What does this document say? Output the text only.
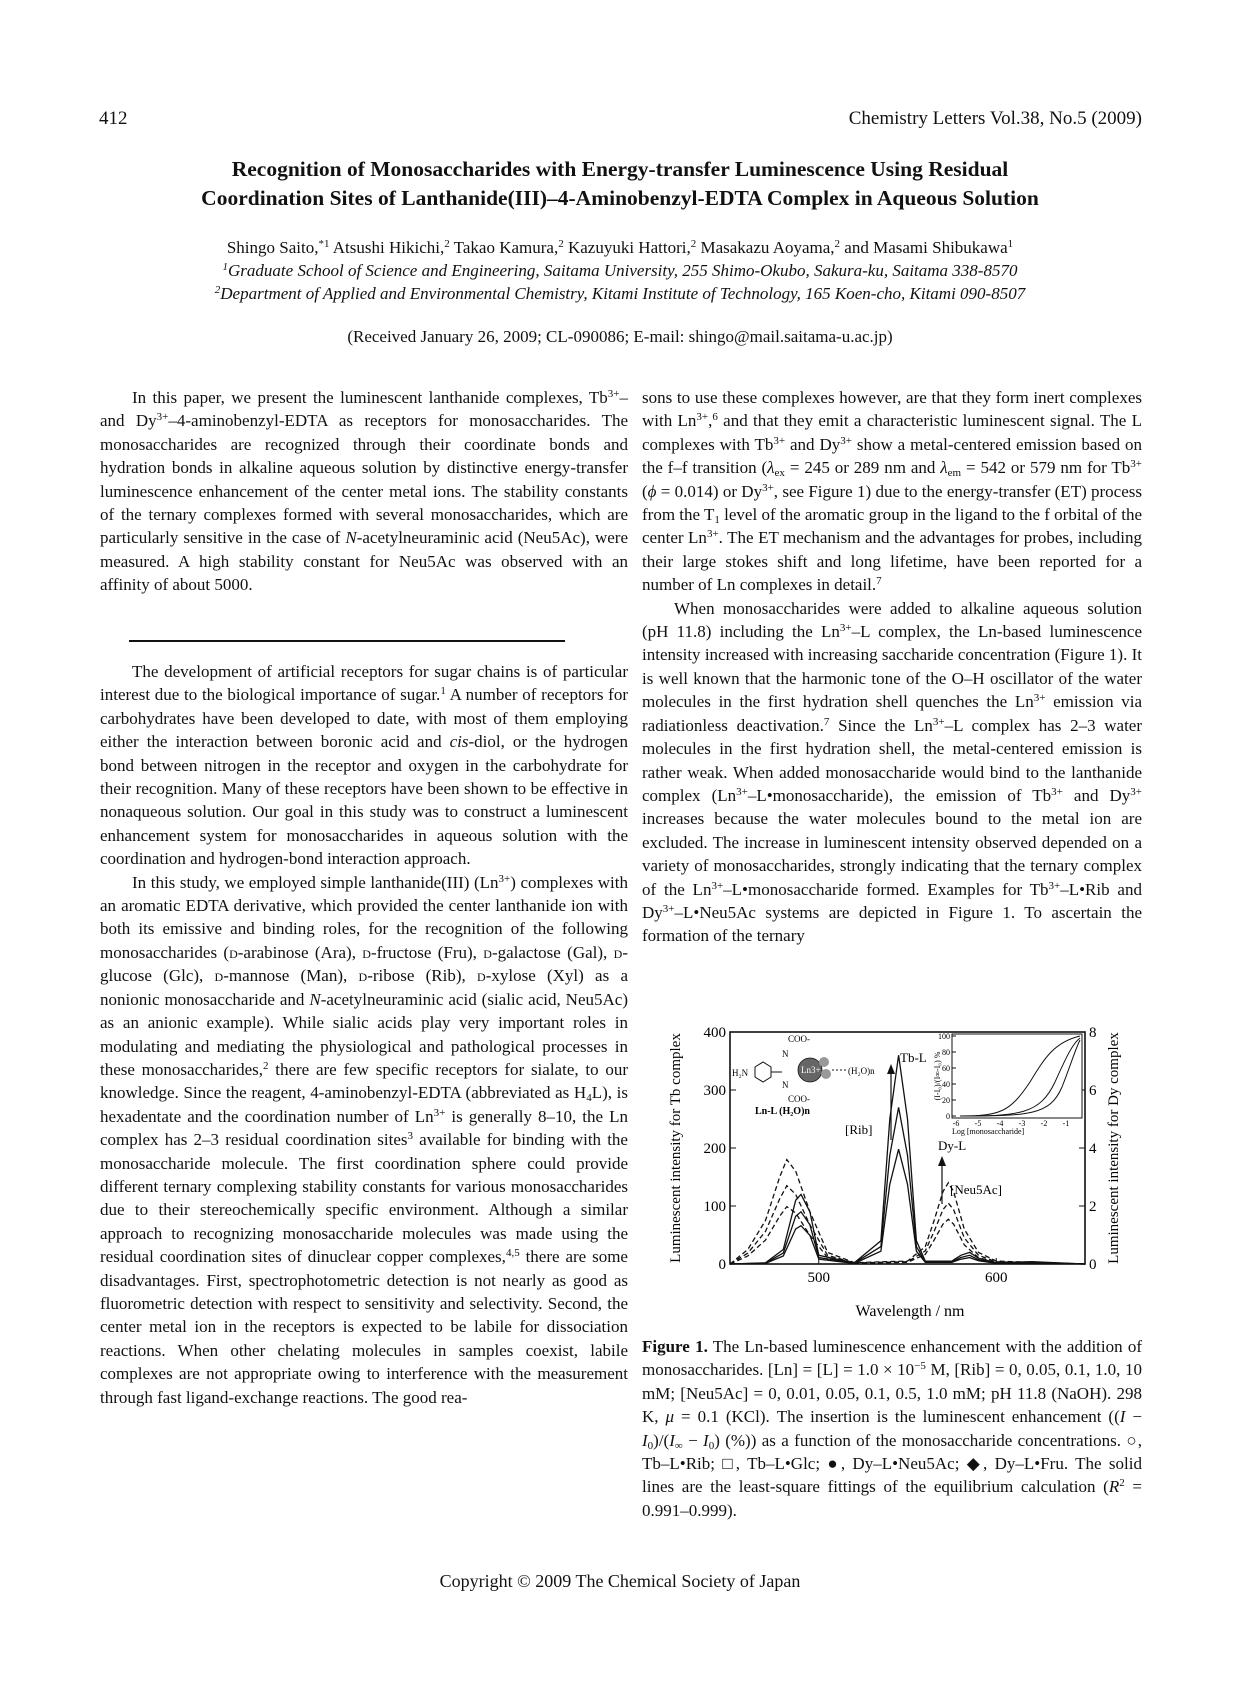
412	Chemistry Letters Vol.38, No.5 (2009)
Recognition of Monosaccharides with Energy-transfer Luminescence Using Residual
Coordination Sites of Lanthanide(III)–4-Aminobenzyl-EDTA Complex in Aqueous Solution
Shingo Saito,$^{*1}$ Atsushi Hikichi,$^2$ Takao Kamura,$^2$ Kazuyuki Hattori,$^2$ Masakazu Aoyama,$^2$ and Masami Shibukawa$^1$
$^1$Graduate School of Science and Engineering, Saitama University, 255 Shimo-Okubo, Sakura-ku, Saitama 338-8570
$^2$Department of Applied and Environmental Chemistry, Kitami Institute of Technology, 165 Koen-cho, Kitami 090-8507
(Received January 26, 2009; CL-090086; E-mail: shingo@mail.saitama-u.ac.jp)

In this paper, we present the luminescent lanthanide complexes, $Tb^{3+}-$ and $Dy^{3+}-4-aminobenzyl$-EDTA as receptors for monosaccharides. The monosaccharides are recognized through their coordinate bonds and hydration bonds in alkaline aqueous solution by distinctive energy-transfer luminescence enhancement of the center metal ions. The stability constants of the ternary complexes formed with several monosaccharides, which are particularly sensitive in the case of N-acetylneuraminic acid (Neu5Ac), were measured. A high stability constant for Neu5Ac was observed with an affinity of about 5000.

The development of artificial receptors for sugar chains is of particular interest due to the biological importance of sugar.$^1$ A number of receptors for carbohydrates have been developed to date, with most of them employing either the interaction between boronic acid and cis-diol, or the hydrogen bond between nitrogen in the receptor and oxygen in the carbohydrate for their recognition. Many of these receptors have been shown to be effective in nonaqueous solution. Our goal in this study was to construct a luminescent enhancement system for monosaccharides in aqueous solution with the coordination and hydrogen-bond interaction approach.

In this study, we employed simple lanthanide(III) $(Ln^{3+})$ complexes with an aromatic EDTA derivative, which provided the center lanthanide ion with both its emissive and binding roles, for the recognition of the following monosaccharides (d-arabinose (Ara), d-fructose (Fru), d-galactose (Gal), d-glucose (Glc), d-mannose (Man), d-ribose (Rib), d-xylose (Xyl) as a nonionic monosaccharide and N-acetylneuraminic acid (sialic acid, Neu5Ac) as an anionic example). While sialic acids play very important roles in modulating and mediating the physiological and pathological processes in these monosaccharides,$^2$ there are few specific receptors for sialate, to our knowledge. Since the reagent, 4-aminobenzyl-EDTA (abbreviated as $H_4L$), is hexadentate and the coordination number of $Ln^{3+}$ is generally 8–10, the Ln complex has 2–3 residual coordination sites$^3$ available for binding with the monosaccharide molecule. The first coordination sphere could provide different ternary complexing stability constants for various monosaccharides due to their stereochemically specific environment. Although a similar approach to recognizing monosaccharide molecules was made using the residual coordination sites of dinuclear copper complexes,$^{4,5}$ there are some disadvantages. First, spectrophotometric detection is not nearly as good as fluorometric detection with respect to sensitivity and selectivity. Second, the center metal ion in the receptors is expected to be labile for dissociation reactions. When other chelating molecules in samples coexist, labile complexes are not appropriate owing to interference with the measurement through fast ligand-exchange reactions. The good rea-

sons to use these complexes however, are that they form inert complexes with $Ln^{3+},^6$ and that they emit a characteristic luminescent signal. The L complexes with $Tb^{3+}$ and $Dy^{3+}$ show a metal-centered emission based on the f–f transition ($\lambda_{ex} = 245$ or 289 nm and $\lambda_{em} = 542$ or 579 nm for $Tb^{3+}$ (ϕ = 0.014) or $Dy^{3+}$, see Figure 1) due to the energy-transfer (ET) process from the $T_1$ level of the aromatic group in the ligand to the f orbital of the center $Ln^{3+}$. The ET mechanism and the advantages for probes, including their large stokes shift and long lifetime, have been reported for a number of Ln complexes in detail.$^7$

When monosaccharides were added to alkaline aqueous solution (pH 11.8) including the $Ln^{3+}-L$ complex, the Ln-based luminescence intensity increased with increasing saccharide concentration (Figure 1). It is well known that the harmonic tone of the O–H oscillator of the water molecules in the first hydration shell quenches the $Ln^{3+}$ emission via radiationless deactivation.$^7$ Since the $Ln^{3+}-L$ complex has 2–3 water molecules in the first hydration shell, the metal-centered emission is rather weak. When added monosaccharide would bind to the lanthanide complex $(Ln^{3+}-L•monosaccharide)$, the emission of $Tb^{3+}$ and $Dy^{3+}$ increases because the water molecules bound to the metal ion are excluded. The increase in luminescent intensity observed depended on a variety of monosaccharides, strongly indicating that the ternary complex of the $Ln^{3+}-L•monosaccharide$ formed. Examples for $Tb^{3+}-L•Rib$ and $Dy^{3+}-L•Neu5Ac$ systems are depicted in Figure 1. To ascertain the formation of the ternary

0
100
200
300
400
0
2
4
6
8
500	600
Luminescent intensity for Tb complex	Luminescent intensity for Dy complex
Wavelength / nm
Tb-L
[Rib]
Dy-L
[Neu5Ac]
H₂N
N
N
COO-
COO-
Ln3+	(H₂O)n
Ln-L (H₂O)n
-6 -5 -4 -3 -2 -1
0
20
40
60
80
100
Log [monosaccharide]
(I-I₀)/(I∞-I₀) %
Figure 1. The Ln-based luminescence enhancement with the addition of monosaccharides. $[Ln] = [L] = 1.0 \times 10^{-5}$ M, [Rib] = 0, 0.05, 0.1, 1.0, 10 mM; [Neu5Ac] = 0, 0.01, 0.05, 0.1, 0.5, 1.0 mM; pH 11.8 (NaOH). 298 K, μ = 0.1 (KCl). The insertion is the luminescent enhancement ($(I - I_0)/(I_\infty - I_0)$ (%)) as a function of the monosaccharide concentrations. ○, Tb–L•Rib; □, Tb–L•Glc; ●, Dy–L•Neu5Ac; ◆, Dy–L•Fru. The solid lines are the least-square fittings of the equilibrium calculation $(R^2 = 0.991-0.999)$.
Copyright © 2009 The Chemical Society of Japan
